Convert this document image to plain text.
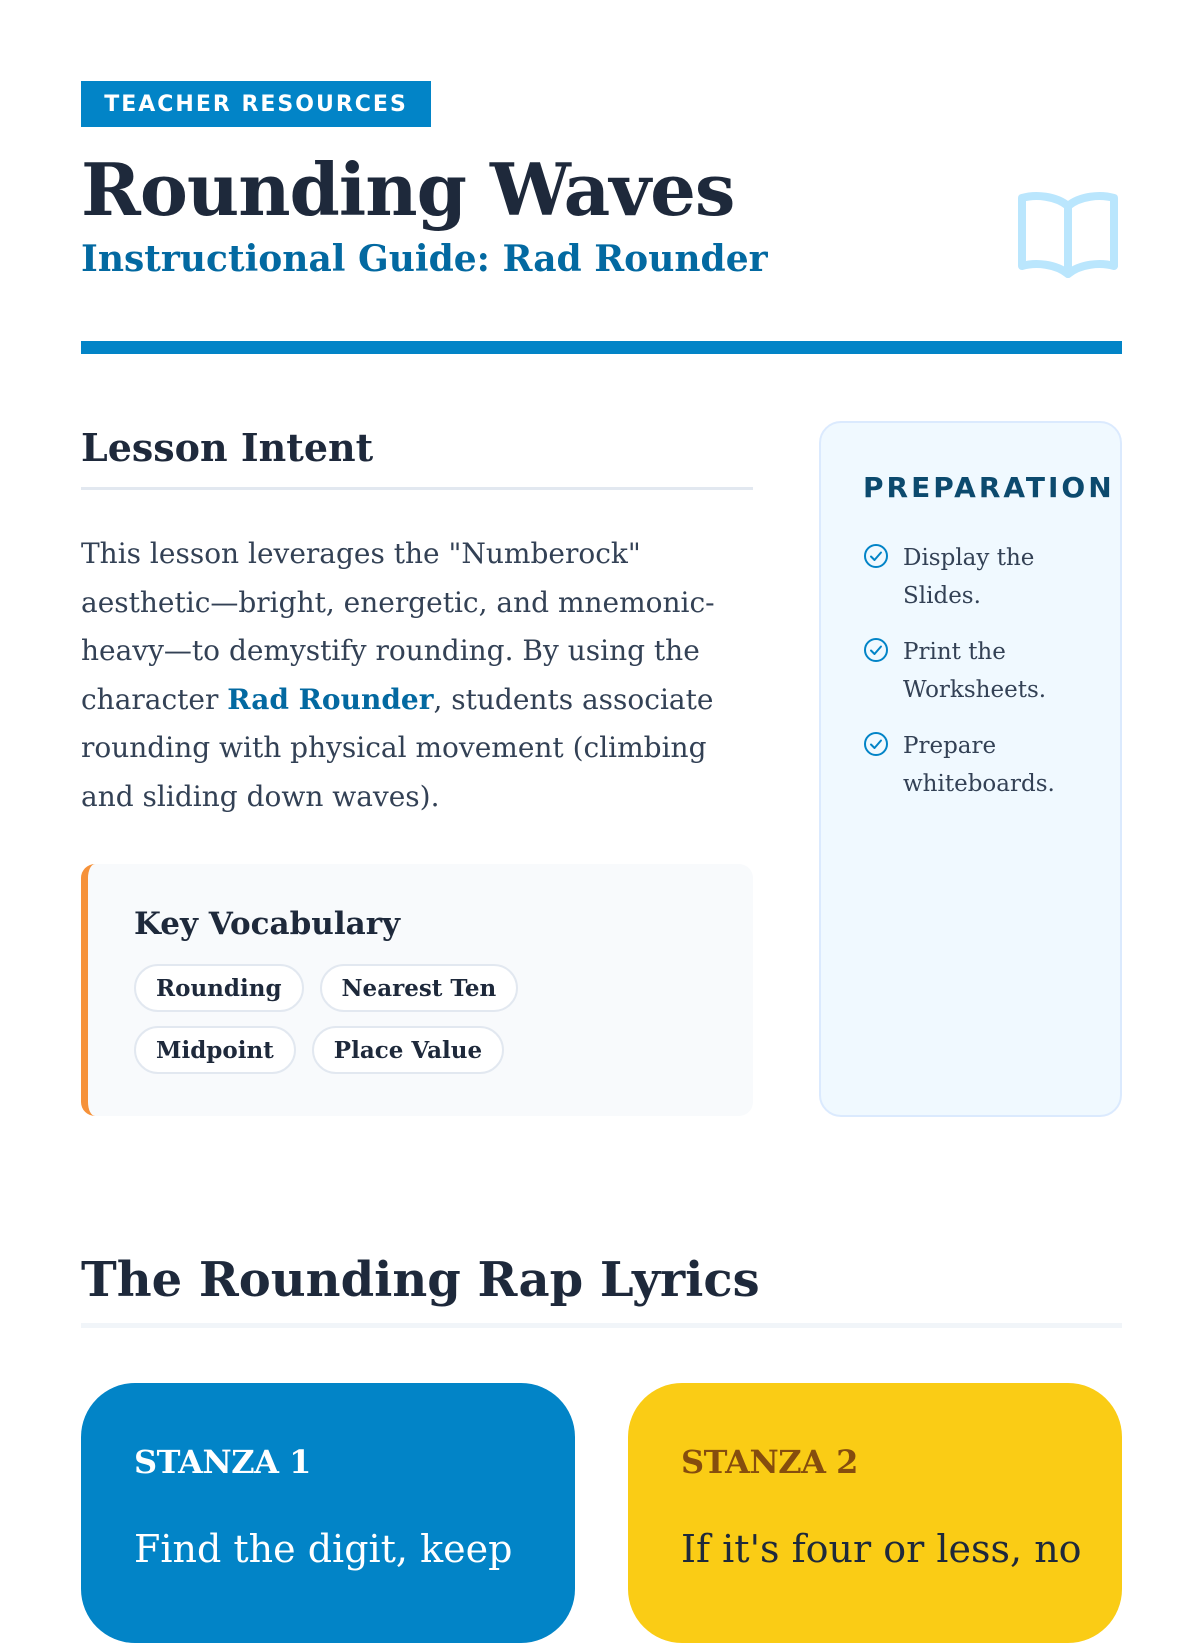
TEACHER RESOURCES
Rounding Waves
Instructional Guide: Rad Rounder
Lesson Intent

This lesson leverages the "Numberock" aesthetic—bright, energetic, and mnemonic-heavy—to demystify rounding. By using the character Rad Rounder, students associate rounding with physical movement (climbing and sliding down waves).

Key Vocabulary
Rounding	Nearest Ten
Midpoint	Place Value
PREPARATION
Display the Slides.
Print the Worksheets.
Prepare whiteboards.
The Rounding Rap Lyrics
STANZA 1

Find the digit, keep

STANZA 2

If it's four or less, no
